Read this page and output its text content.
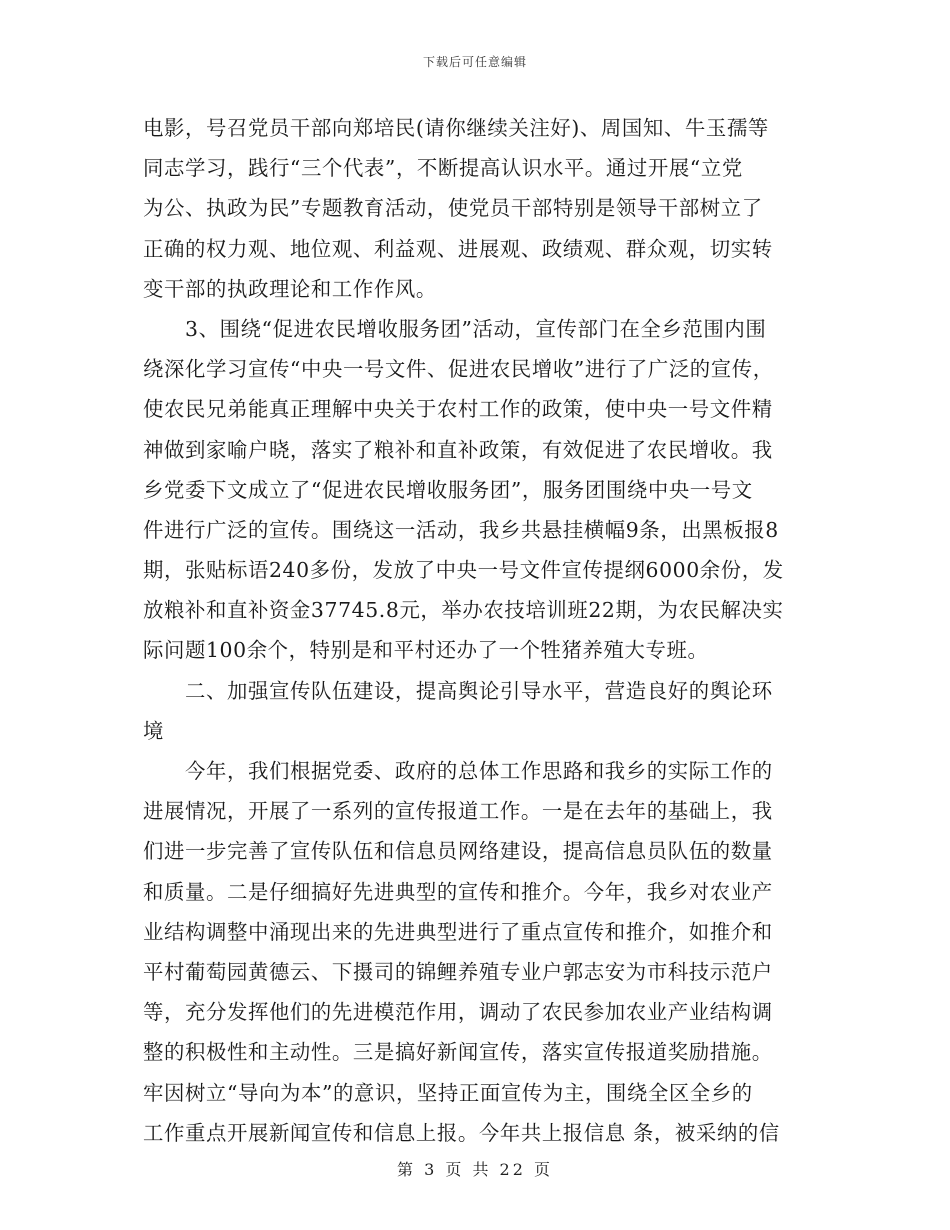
下载后可任意编辑
电影，号召党员干部向郑培民(请你继续关注好)、周国知、牛玉孺等
同志学习，践行“三个代表”，不断提高认识水平。通过开展“立党
为公、执政为民”专题教育活动，使党员干部特别是领导干部树立了
正确的权力观、地位观、利益观、进展观、政绩观、群众观，切实转
变干部的执政理论和工作作风。
3、围绕“促进农民增收服务团”活动，宣传部门在全乡范围内围
绕深化学习宣传“中央一号文件、促进农民增收”进行了广泛的宣传，
使农民兄弟能真正理解中央关于农村工作的政策，使中央一号文件精
神做到家喻户晓，落实了粮补和直补政策，有效促进了农民增收。我
乡党委下文成立了“促进农民增收服务团”，服务团围绕中央一号文
件进行广泛的宣传。围绕这一活动，我乡共悬挂横幅9条，出黑板报8
期，张贴标语240多份，发放了中央一号文件宣传提纲6000余份，发
放粮补和直补资金37745.8元，举办农技培训班22期，为农民解决实
际问题100余个，特别是和平村还办了一个牲猪养殖大专班。
二、加强宣传队伍建设，提高舆论引导水平，营造良好的舆论环
境
今年，我们根据党委、政府的总体工作思路和我乡的实际工作的
进展情况，开展了一系列的宣传报道工作。一是在去年的基础上，我
们进一步完善了宣传队伍和信息员网络建设，提高信息员队伍的数量
和质量。二是仔细搞好先进典型的宣传和推介。今年，我乡对农业产
业结构调整中涌现出来的先进典型进行了重点宣传和推介，如推介和
平村葡萄园黄德云、下摄司的锦鲤养殖专业户郭志安为市科技示范户
等，充分发挥他们的先进模范作用，调动了农民参加农业产业结构调
整的积极性和主动性。三是搞好新闻宣传，落实宣传报道奖励措施。
牢因树立“导向为本”的意识，坚持正面宣传为主，围绕全区全乡的
工作重点开展新闻宣传和信息上报。今年共上报信息 条，被采纳的信
第 3 页 共 22 页
